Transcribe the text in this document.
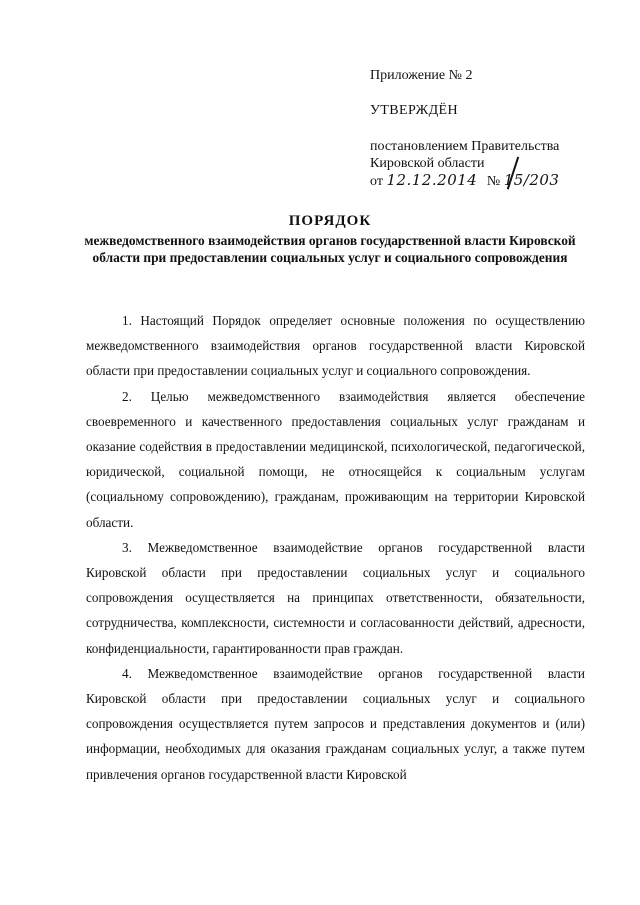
Приложение № 2
УТВЕРЖДЁН
постановлением Правительства
Кировской области
от 12.12.2014 № 15/203
ПОРЯДОК
межведомственного взаимодействия органов государственной власти Кировской области при предоставлении социальных услуг и социального сопровождения

1. Настоящий Порядок определяет основные положения по осуществлению межведомственного взаимодействия органов государственной власти Кировской области при предоставлении социальных услуг и социального сопровождения.

2. Целью межведомственного взаимодействия является обеспечение своевременного и качественного предоставления социальных услуг гражданам и оказание содействия в предоставлении медицинской, психологической, педагогической, юридической, социальной помощи, не относящейся к социальным услугам (социальному сопровождению), гражданам, проживающим на территории Кировской области.

3. Межведомственное взаимодействие органов государственной власти Кировской области при предоставлении социальных услуг и социального сопровождения осуществляется на принципах ответственности, обязательности, сотрудничества, комплексности, системности и согласованности действий, адресности, конфиденциальности, гарантированности прав граждан.

4. Межведомственное взаимодействие органов государственной власти Кировской области при предоставлении социальных услуг и социального сопровождения осуществляется путем запросов и представления документов и (или) информации, необходимых для оказания гражданам социальных услуг, а также путем привлечения органов государственной власти Кировской
